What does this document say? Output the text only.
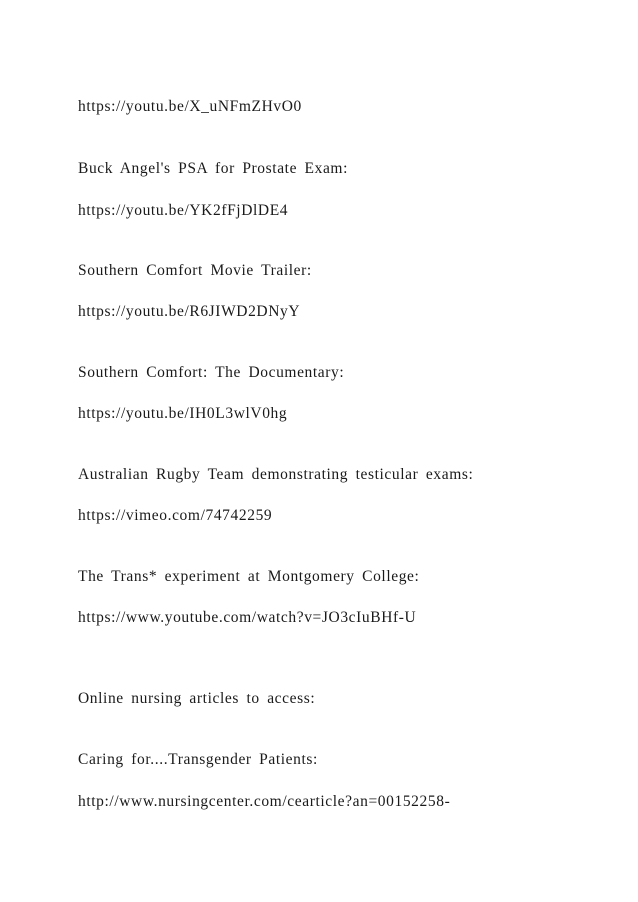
https://youtu.be/X_uNFmZHvO0
Buck Angel's PSA for Prostate Exam:
https://youtu.be/YK2fFjDlDE4
Southern Comfort Movie Trailer:
https://youtu.be/R6JIWD2DNyY
Southern Comfort: The Documentary:
https://youtu.be/IH0L3wlV0hg
Australian Rugby Team demonstrating testicular exams:
https://vimeo.com/74742259
The Trans* experiment at Montgomery College:
https://www.youtube.com/watch?v=JO3cIuBHf-U
Online nursing articles to access:
Caring for....Transgender Patients:
http://www.nursingcenter.com/cearticle?an=00152258-
